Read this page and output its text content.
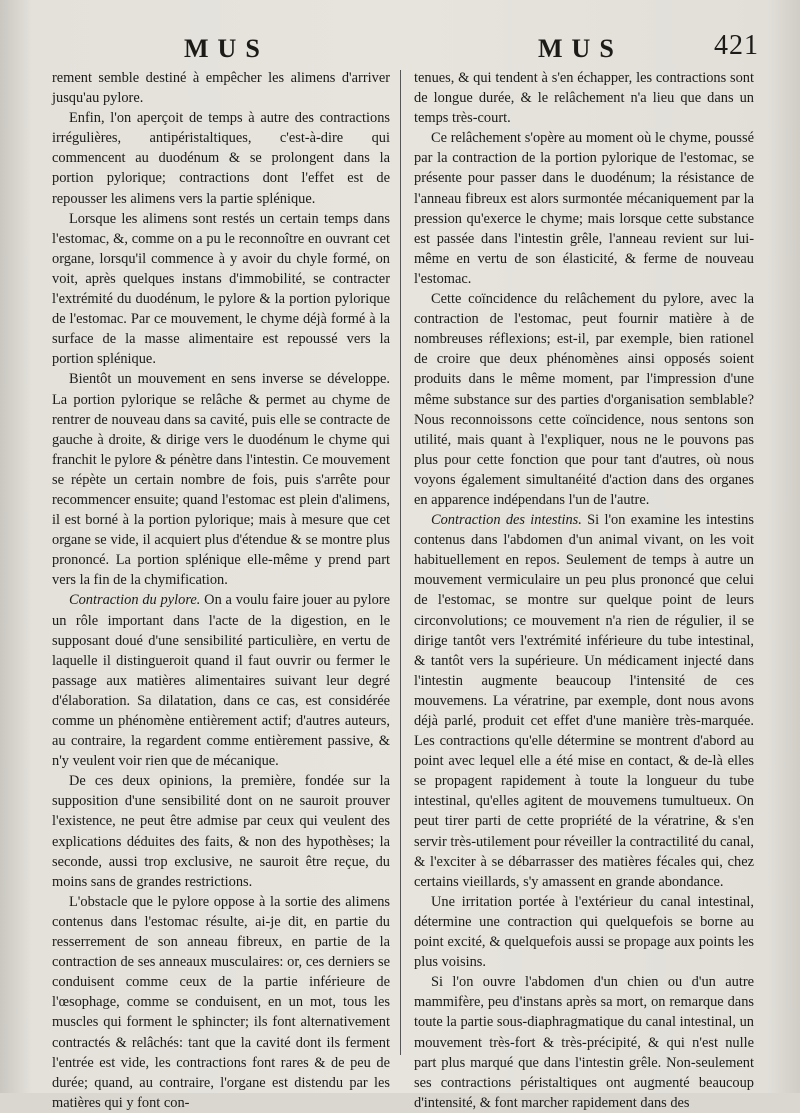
MUS	MUS	421

rement semble destiné à empêcher les alimens d'arriver jusqu'au pylore.

Enfin, l'on aperçoit de temps à autre des contractions irrégulières, antipéristaltiques, c'est-à-dire qui commencent au duodénum & se prolongent dans la portion pylorique; contractions dont l'effet est de repousser les alimens vers la partie splénique.

Lorsque les alimens sont restés un certain temps dans l'estomac, &, comme on a pu le reconnoître en ouvrant cet organe, lorsqu'il commence à y avoir du chyle formé, on voit, après quelques instans d'immobilité, se contracter l'extrémité du duodénum, le pylore & la portion pylorique de l'estomac. Par ce mouvement, le chyme déjà formé à la surface de la masse alimentaire est repoussé vers la portion splénique.

Bientôt un mouvement en sens inverse se développe. La portion pylorique se relâche & permet au chyme de rentrer de nouveau dans sa cavité, puis elle se contracte de gauche à droite, & dirige vers le duodénum le chyme qui franchit le pylore & pénètre dans l'intestin. Ce mouvement se répète un certain nombre de fois, puis s'arrête pour recommencer ensuite; quand l'estomac est plein d'alimens, il est borné à la portion pylorique; mais à mesure que cet organe se vide, il acquiert plus d'étendue & se montre plus prononcé. La portion splénique elle-même y prend part vers la fin de la chymification.

Contraction du pylore. On a voulu faire jouer au pylore un rôle important dans l'acte de la digestion, en le supposant doué d'une sensibilité particulière, en vertu de laquelle il distingueroit quand il faut ouvrir ou fermer le passage aux matières alimentaires suivant leur degré d'élaboration. Sa dilatation, dans ce cas, est considérée comme un phénomène entièrement actif; d'autres auteurs, au contraire, la regardent comme entièrement passive, & n'y veulent voir rien que de mécanique.

De ces deux opinions, la première, fondée sur la supposition d'une sensibilité dont on ne sauroit prouver l'existence, ne peut être admise par ceux qui veulent des explications déduites des faits, & non des hypothèses; la seconde, aussi trop exclusive, ne sauroit être reçue, du moins sans de grandes restrictions.

L'obstacle que le pylore oppose à la sortie des alimens contenus dans l'estomac résulte, ai-je dit, en partie du resserrement de son anneau fibreux, en partie de la contraction de ses anneaux musculaires: or, ces derniers se conduisent comme ceux de la partie inférieure de l'œsophage, comme se conduisent, en un mot, tous les muscles qui forment le sphincter; ils font alternativement contractés & relâchés: tant que la cavité dont ils ferment l'entrée est vide, les contractions font rares & de peu de durée; quand, au contraire, l'organe est distendu par les matières qui y font con-

tenues, & qui tendent à s'en échapper, les contractions sont de longue durée, & le relâchement n'a lieu que dans un temps très-court.

Ce relâchement s'opère au moment où le chyme, poussé par la contraction de la portion pylorique de l'estomac, se présente pour passer dans le duodénum; la résistance de l'anneau fibreux est alors surmontée mécaniquement par la pression qu'exerce le chyme; mais lorsque cette substance est passée dans l'intestin grêle, l'anneau revient sur lui-même en vertu de son élasticité, & ferme de nouveau l'estomac.

Cette coïncidence du relâchement du pylore, avec la contraction de l'estomac, peut fournir matière à de nombreuses réflexions; est-il, par exemple, bien rationel de croire que deux phénomènes ainsi opposés soient produits dans le même moment, par l'impression d'une même substance sur des parties d'organisation semblable? Nous reconnoissons cette coïncidence, nous sentons son utilité, mais quant à l'expliquer, nous ne le pouvons pas plus pour cette fonction que pour tant d'autres, où nous voyons également simultanéité d'action dans des organes en apparence indépendans l'un de l'autre.

Contraction des intestins. Si l'on examine les intestins contenus dans l'abdomen d'un animal vivant, on les voit habituellement en repos. Seulement de temps à autre un mouvement vermiculaire un peu plus prononcé que celui de l'estomac, se montre sur quelque point de leurs circonvolutions; ce mouvement n'a rien de régulier, il se dirige tantôt vers l'extrémité inférieure du tube intestinal, & tantôt vers la supérieure. Un médicament injecté dans l'intestin augmente beaucoup l'intensité de ces mouvemens. La vératrine, par exemple, dont nous avons déjà parlé, produit cet effet d'une manière très-marquée. Les contractions qu'elle détermine se montrent d'abord au point avec lequel elle a été mise en contact, & de-là elles se propagent rapidement à toute la longueur du tube intestinal, qu'elles agitent de mouvemens tumultueux. On peut tirer parti de cette propriété de la vératrine, & s'en servir très-utilement pour réveiller la contractilité du canal, & l'exciter à se débarrasser des matières fécales qui, chez certains vieillards, s'y amassent en grande abondance.

Une irritation portée à l'extérieur du canal intestinal, détermine une contraction qui quelquefois se borne au point excité, & quelquefois aussi se propage aux points les plus voisins.

Si l'on ouvre l'abdomen d'un chien ou d'un autre mammifère, peu d'instans après sa mort, on remarque dans toute la partie sous-diaphragmatique du canal intestinal, un mouvement très-fort & très-précipité, & qui n'est nulle part plus marqué que dans l'intestin grêle. Non-seulement ses contractions péristaltiques ont augmenté beaucoup d'intensité, & font marcher rapidement dans des
